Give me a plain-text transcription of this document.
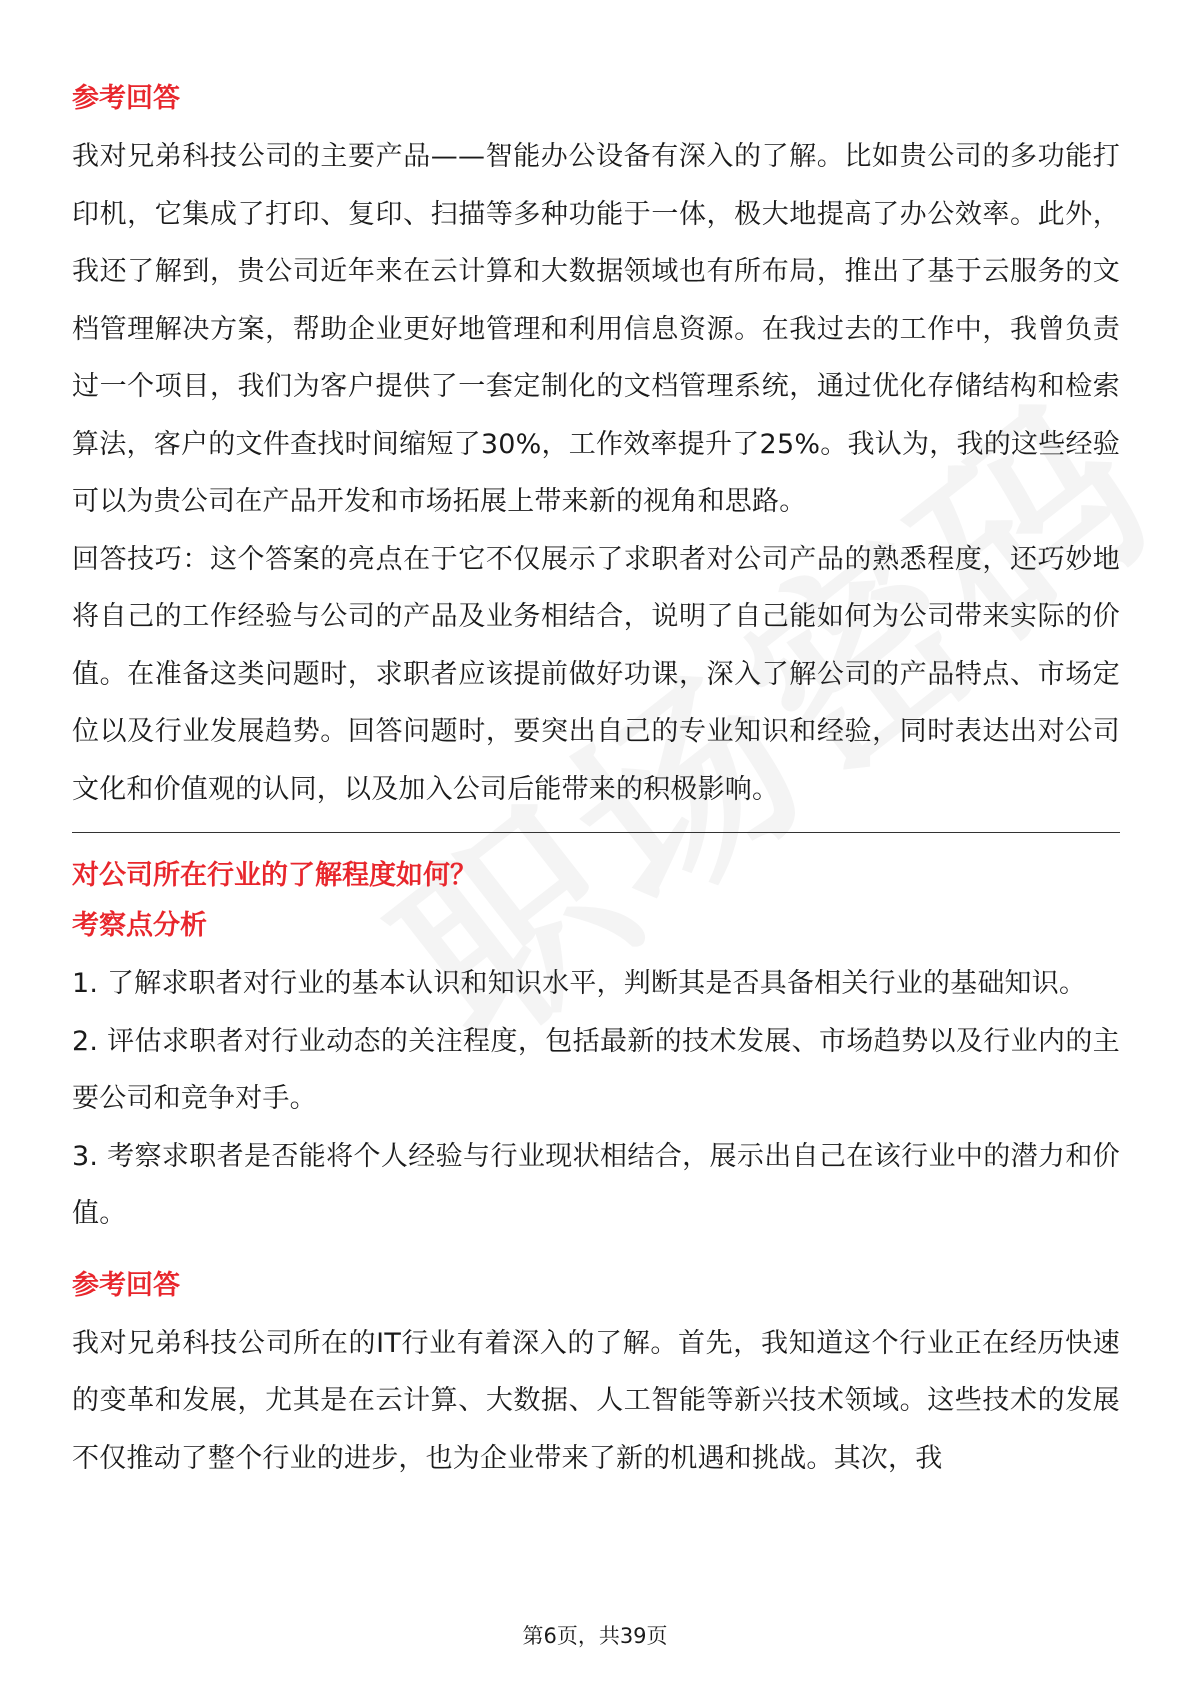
参考回答

我对兄弟科技公司的主要产品——智能办公设备有深入的了解。比如贵公司的多功能打印机，它集成了打印、复印、扫描等多种功能于一体，极大地提高了办公效率。此外，我还了解到，贵公司近年来在云计算和大数据领域也有所布局，推出了基于云服务的文档管理解决方案，帮助企业更好地管理和利用信息资源。在我过去的工作中，我曾负责过一个项目，我们为客户提供了一套定制化的文档管理系统，通过优化存储结构和检索算法，客户的文件查找时间缩短了30%，工作效率提升了25%。我认为，我的这些经验可以为贵公司在产品开发和市场拓展上带来新的视角和思路。

回答技巧：这个答案的亮点在于它不仅展示了求职者对公司产品的熟悉程度，还巧妙地将自己的工作经验与公司的产品及业务相结合，说明了自己能如何为公司带来实际的价值。在准备这类问题时，求职者应该提前做好功课，深入了解公司的产品特点、市场定位以及行业发展趋势。回答问题时，要突出自己的专业知识和经验，同时表达出对公司文化和价值观的认同，以及加入公司后能带来的积极影响。

对公司所在行业的了解程度如何？

考察点分析

1. 了解求职者对行业的基本认识和知识水平，判断其是否具备相关行业的基础知识。

2. 评估求职者对行业动态的关注程度，包括最新的技术发展、市场趋势以及行业内的主要公司和竞争对手。

3. 考察求职者是否能将个人经验与行业现状相结合，展示出自己在该行业中的潜力和价值。

参考回答

我对兄弟科技公司所在的IT行业有着深入的了解。首先，我知道这个行业正在经历快速的变革和发展，尤其是在云计算、大数据、人工智能等新兴技术领域。这些技术的发展不仅推动了整个行业的进步，也为企业带来了新的机遇和挑战。其次，我

第6页，共39页
